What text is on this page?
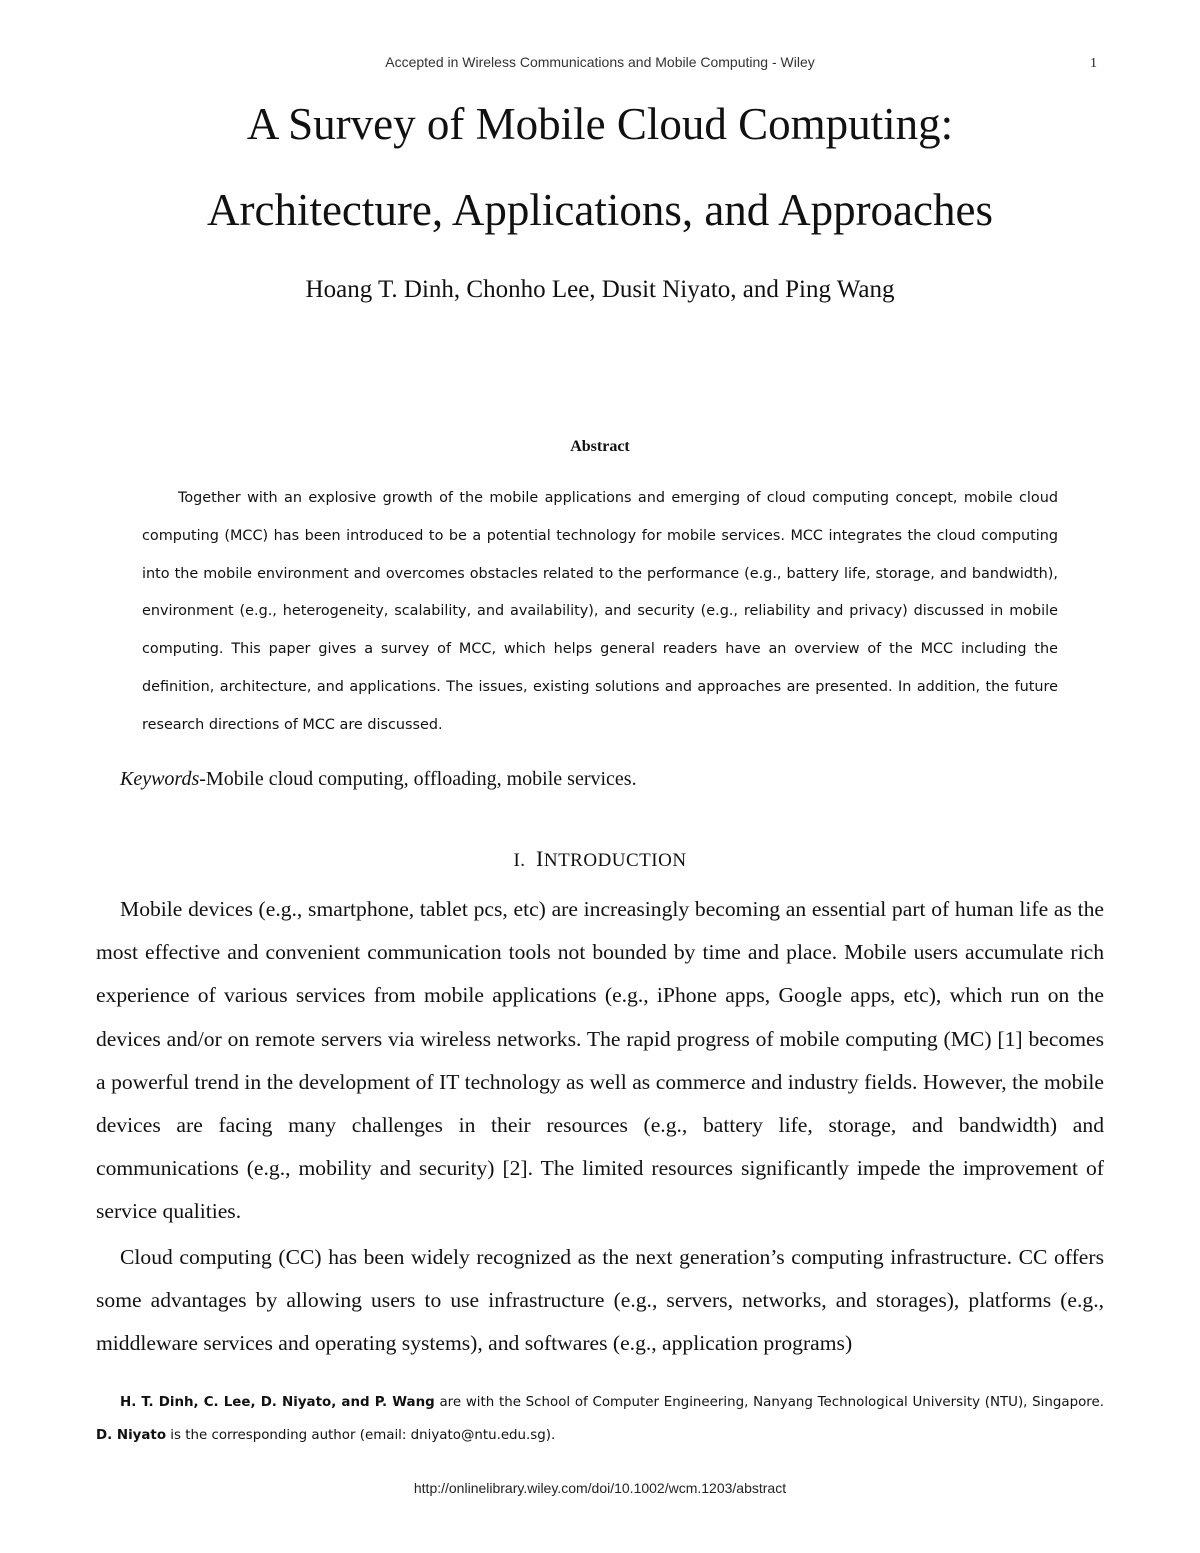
Accepted in Wireless Communications and Mobile Computing - Wiley	1
A Survey of Mobile Cloud Computing:
Architecture, Applications, and Approaches
Hoang T. Dinh, Chonho Lee, Dusit Niyato, and Ping Wang
Abstract

Together with an explosive growth of the mobile applications and emerging of cloud computing concept, mobile cloud computing (MCC) has been introduced to be a potential technology for mobile services. MCC integrates the cloud computing into the mobile environment and overcomes obstacles related to the performance (e.g., battery life, storage, and bandwidth), environment (e.g., heterogeneity, scalability, and availability), and security (e.g., reliability and privacy) discussed in mobile computing. This paper gives a survey of MCC, which helps general readers have an overview of the MCC including the definition, architecture, and applications. The issues, existing solutions and approaches are presented. In addition, the future research directions of MCC are discussed.

Keywords-Mobile cloud computing, offloading, mobile services.
I. INTRODUCTION

Mobile devices (e.g., smartphone, tablet pcs, etc) are increasingly becoming an essential part of human life as the most effective and convenient communication tools not bounded by time and place. Mobile users accumulate rich experience of various services from mobile applications (e.g., iPhone apps, Google apps, etc), which run on the devices and/or on remote servers via wireless networks. The rapid progress of mobile computing (MC) [1] becomes a powerful trend in the development of IT technology as well as commerce and industry fields. However, the mobile devices are facing many challenges in their resources (e.g., battery life, storage, and bandwidth) and communications (e.g., mobility and security) [2]. The limited resources significantly impede the improvement of service qualities.

Cloud computing (CC) has been widely recognized as the next generation’s computing infrastructure. CC offers some advantages by allowing users to use infrastructure (e.g., servers, networks, and storages), platforms (e.g., middleware services and operating systems), and softwares (e.g., application programs)

H. T. Dinh, C. Lee, D. Niyato, and P. Wang are with the School of Computer Engineering, Nanyang Technological University (NTU), Singapore. D. Niyato is the corresponding author (email: dniyato@ntu.edu.sg).

http://onlinelibrary.wiley.com/doi/10.1002/wcm.1203/abstract
